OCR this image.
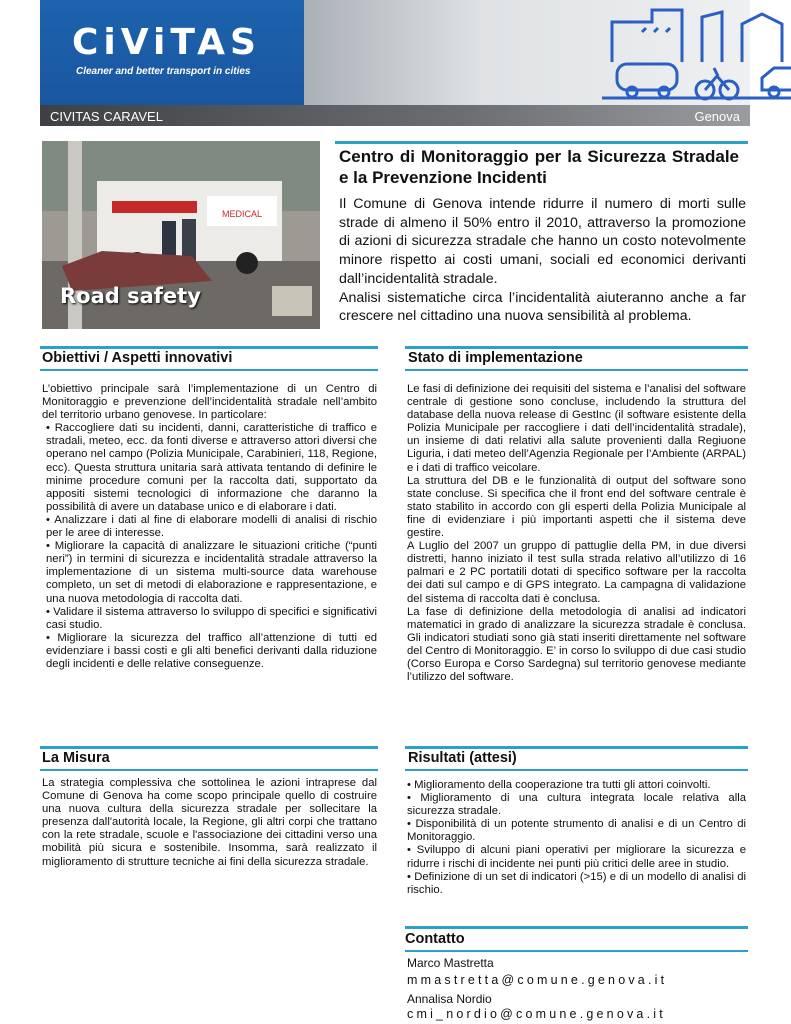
CiViTAS
Cleaner and better transport in cities
CIVITAS CARAVEL	Genova
MEDICAL
Road safety
Centro di Monitoraggio per la Sicurezza Stradale e la Prevenzione Incidenti

Il Comune di Genova intende ridurre il numero di morti sulle strade di almeno il 50% entro il 2010, attraverso la promozione di azioni di sicurezza stradale che hanno un costo notevolmente minore rispetto ai costi umani, sociali ed economici derivanti dall’incidentalità stradale.

Analisi sistematiche circa l’incidentalità aiuteranno anche a far crescere nel cittadino una nuova sensibilità al problema.

Obiettivi / Aspetti innovativi

L’obiettivo principale sarà l’implementazione di un Centro di Monitoraggio e prevenzione dell’incidentalità stradale nell’ambito del territorio urbano genovese. In particolare:

• Raccogliere dati su incidenti, danni, caratteristiche di traffico e stradali, meteo, ecc. da fonti diverse e attraverso attori diversi che operano nel campo (Polizia Municipale, Carabinieri, 118, Regione, ecc). Questa struttura unitaria sarà attivata tentando di definire le minime procedure comuni per la raccolta dati, supportato da appositi sistemi tecnologici di informazione che daranno la possibilità di avere un database unico e di elaborare i dati.
• Analizzare i dati al fine di elaborare modelli di analisi di rischio per le aree di interesse.
• Migliorare la capacità di analizzare le situazioni critiche (“punti neri”) in termini di sicurezza e incidentalità stradale attraverso la implementazione di un sistema multi-source data warehouse completo, un set di metodi di elaborazione e rappresentazione, e una nuova metodologia di raccolta dati.
• Validare il sistema attraverso lo sviluppo di specifici e significativi casi studio.
• Migliorare la sicurezza del traffico all’attenzione di tutti ed evidenziare i bassi costi e gli alti benefici derivanti dalla riduzione degli incidenti e delle relative conseguenze.
Stato di implementazione

Le fasi di definizione dei requisiti del sistema e l’analisi del software centrale di gestione sono concluse, includendo la struttura del database della nuova release di GestInc (il software esistente della Polizia Municipale per raccogliere i dati dell’incidentalità stradale), un insieme di dati relativi alla salute provenienti dalla Regiuone Liguria, i dati meteo dell’Agenzia Regionale per l’Ambiente (ARPAL) e i dati di traffico veicolare.

La struttura del DB e le funzionalità di output del software sono state concluse. Si specifica che il front end del software centrale è stato stabilito in accordo con gli esperti della Polizia Municipale al fine di evidenziare i più importanti aspetti che il sistema deve gestire.

A Luglio del 2007 un gruppo di pattuglie della PM, in due diversi distretti, hanno iniziato il test sulla strada relativo all’utilizzo di 16 palmari e 2 PC portatili dotati di specifico software per la raccolta dei dati sul campo e di GPS integrato. La campagna di validazione del sistema di raccolta dati è conclusa.

La fase di definizione della metodologia di analisi ad indicatori matematici in grado di analizzare la sicurezza stradale è conclusa. Gli indicatori studiati sono già stati inseriti direttamente nel software del Centro di Monitoraggio. E’ in corso lo sviluppo di due casi studio (Corso Europa e Corso Sardegna) sul territorio genovese mediante l’utilizzo del software.

La Misura

La strategia complessiva che sottolinea le azioni intraprese dal Comune di Genova ha come scopo principale quello di costruire una nuova cultura della sicurezza stradale per sollecitare la presenza dall'autorità locale, la Regione, gli altri corpi che trattano con la rete stradale, scuole e l'associazione dei cittadini verso una mobilità più sicura e sostenibile. Insomma, sarà realizzato il miglioramento di strutture tecniche ai fini della sicurezza stradale.

Risultati (attesi)
• Miglioramento della cooperazione tra tutti gli attori coinvolti.
• Miglioramento di una cultura integrata locale relativa alla sicurezza stradale.
• Disponibilità di un potente strumento di analisi e di un Centro di Monitoraggio.
• Sviluppo di alcuni piani operativi per migliorare la sicurezza e ridurre i rischi di incidente nei punti più critici delle aree in studio.
• Definizione di un set di indicatori (>15) e di un modello di analisi di rischio.
Contatto
Marco Mastretta
mmastretta@comune.genova.it
Annalisa Nordio
cmi_nordio@comune.genova.it
